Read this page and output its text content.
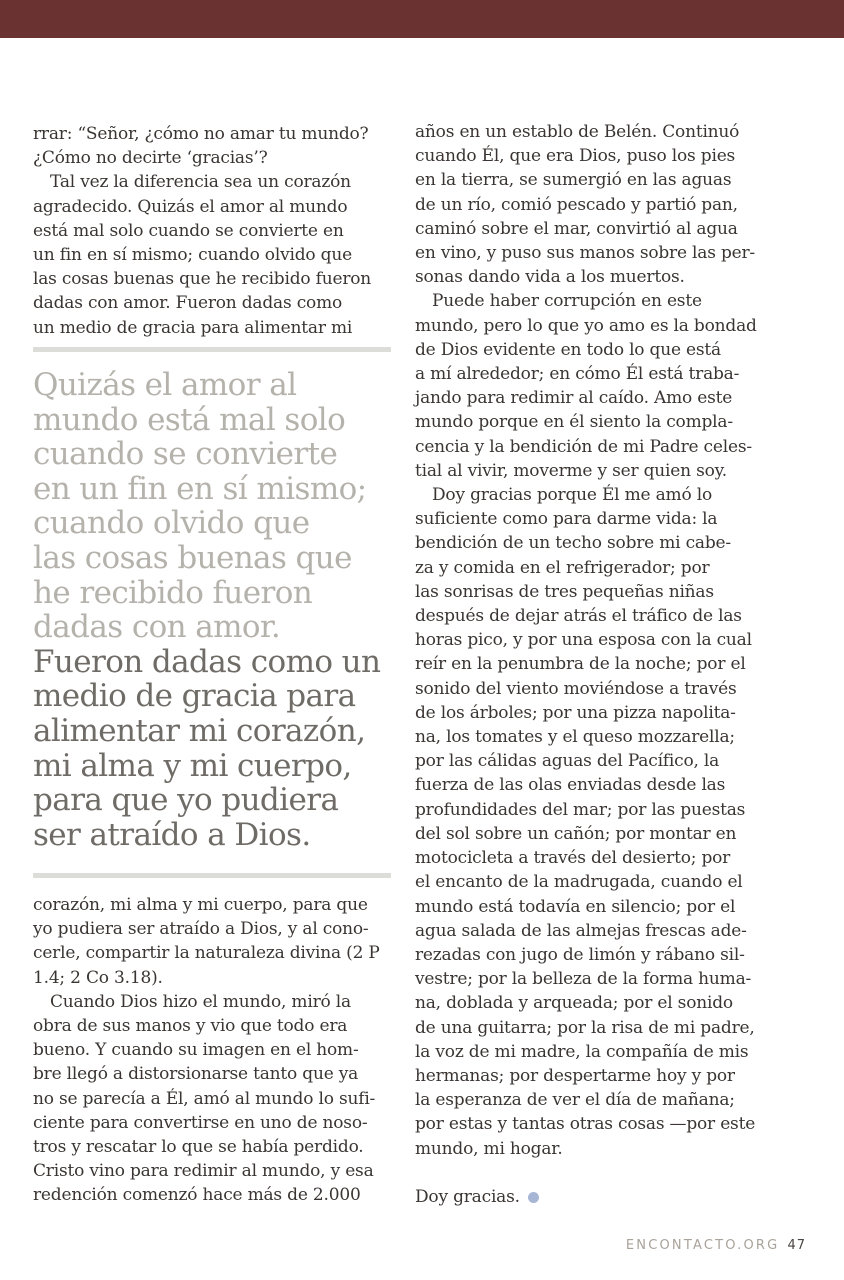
rrar: “Señor, ¿cómo no amar tu mundo?

¿Cómo no decirte ‘gracias’?

Tal vez la diferencia sea un corazón

agradecido. Quizás el amor al mundo

está mal solo cuando se convierte en

un fin en sí mismo; cuando olvido que

las cosas buenas que he recibido fueron

dadas con amor. Fueron dadas como

un medio de gracia para alimentar mi

Quizás el amor al

mundo está mal solo

cuando se convierte

en un fin en sí mismo;

cuando olvido que

las cosas buenas que

he recibido fueron

dadas con amor.

Fueron dadas como un

medio de gracia para

alimentar mi corazón,

mi alma y mi cuerpo,

para que yo pudiera

ser atraído a Dios.

corazón, mi alma y mi cuerpo, para que

yo pudiera ser atraído a Dios, y al cono-

cerle, compartir la naturaleza divina (2 P

1.4; 2 Co 3.18).

Cuando Dios hizo el mundo, miró la

obra de sus manos y vio que todo era

bueno. Y cuando su imagen en el hom-

bre llegó a distorsionarse tanto que ya

no se parecía a Él, amó al mundo lo sufi-

ciente para convertirse en uno de noso-

tros y rescatar lo que se había perdido.

Cristo vino para redimir al mundo, y esa

redención comenzó hace más de 2.000

años en un establo de Belén. Continuó

cuando Él, que era Dios, puso los pies

en la tierra, se sumergió en las aguas

de un río, comió pescado y partió pan,

caminó sobre el mar, convirtió al agua

en vino, y puso sus manos sobre las per-

sonas dando vida a los muertos.

Puede haber corrupción en este

mundo, pero lo que yo amo es la bondad

de Dios evidente en todo lo que está

a mí alrededor; en cómo Él está traba-

jando para redimir al caído. Amo este

mundo porque en él siento la compla-

cencia y la bendición de mi Padre celes-

tial al vivir, moverme y ser quien soy.

Doy gracias porque Él me amó lo

suficiente como para darme vida: la

bendición de un techo sobre mi cabe-

za y comida en el refrigerador; por

las sonrisas de tres pequeñas niñas

después de dejar atrás el tráfico de las

horas pico, y por una esposa con la cual

reír en la penumbra de la noche; por el

sonido del viento moviéndose a través

de los árboles; por una pizza napolita-

na, los tomates y el queso mozzarella;

por las cálidas aguas del Pacífico, la

fuerza de las olas enviadas desde las

profundidades del mar; por las puestas

del sol sobre un cañón; por montar en

motocicleta a través del desierto; por

el encanto de la madrugada, cuando el

mundo está todavía en silencio; por el

agua salada de las almejas frescas ade-

rezadas con jugo de limón y rábano sil-

vestre; por la belleza de la forma huma-

na, doblada y arqueada; por el sonido

de una guitarra; por la risa de mi padre,

la voz de mi madre, la compañía de mis

hermanas; por despertarme hoy y por

la esperanza de ver el día de mañana;

por estas y tantas otras cosas —por este

mundo, mi hogar.

Doy gracias.

ENCONTACTO.ORG 47
